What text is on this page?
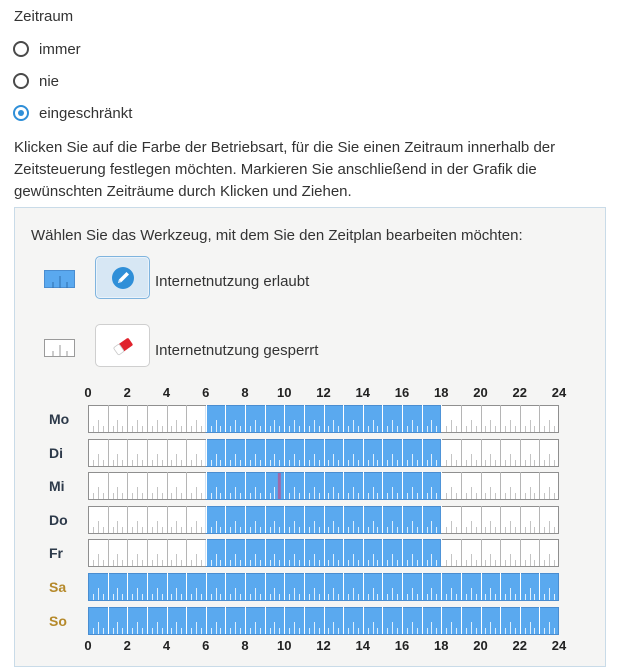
Zeitraum
immer
nie
eingeschränkt
Klicken Sie auf die Farbe der Betriebsart, für die Sie einen Zeitraum innerhalb der Zeitsteuerung festlegen möchten. Markieren Sie anschließend in der Grafik die gewünschten Zeiträume durch Klicken und Ziehen.
Wählen Sie das Werkzeug, mit dem Sie den Zeitplan bearbeiten möchten:
Internetnutzung erlaubt
Internetnutzung gesperrt
0	2	4	6	8	10	12	14	16	18	20	22	24
Mo
Di
Mi
Do
Fr
Sa
So
0	2	4	6	8	10	12	14	16	18	20	22	24
